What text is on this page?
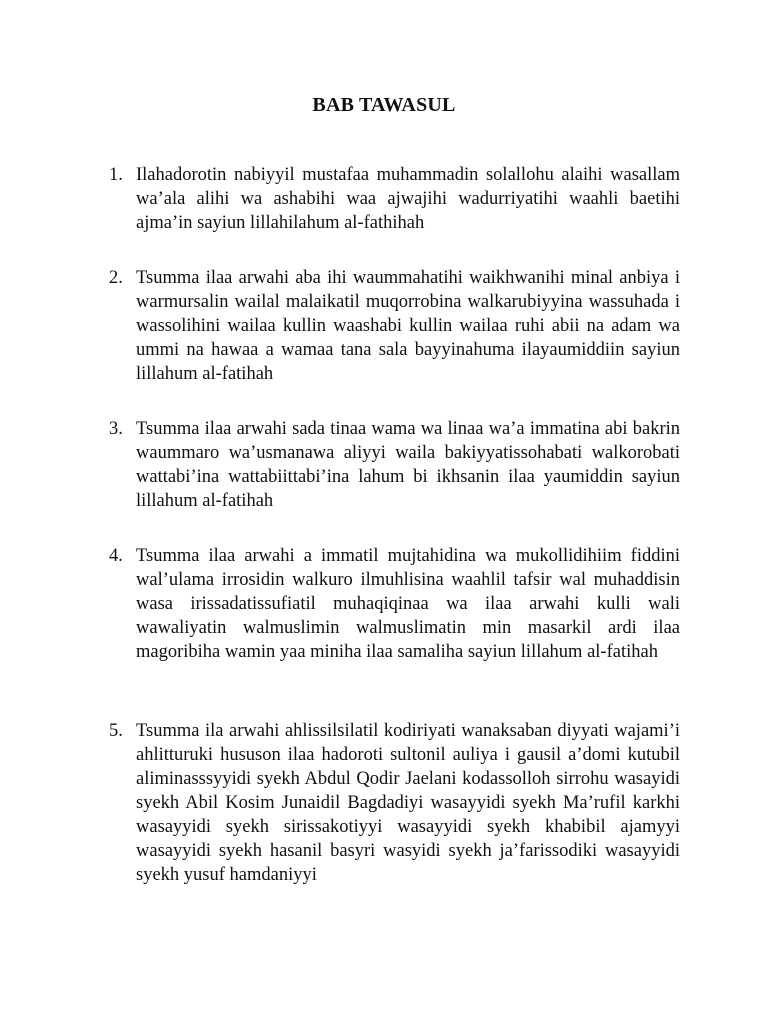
BAB TAWASUL
1. Ilahadorotin nabiyyil mustafaa muhammadin solallohu alaihi wasallam wa’ala alihi wa ashabihi waa ajwajihi wadurriyatihi waahli baetihi ajma’in sayiun lillahilahum al-fathihah
2. Tsumma ilaa arwahi aba ihi waummahatihi waikhwanihi minal anbiya i warmursalin wailal malaikatil muqorrobina walkarubiyyina wassuhada i wassolihini wailaa kullin waashabi kullin wailaa ruhi abii na adam wa ummi na hawaa a wamaa tana sala bayyinahuma ilayaumiddiin sayiun lillahum al-fatihah
3. Tsumma ilaa arwahi sada tinaa wama wa linaa wa’a immatina abi bakrin waummaro wa’usmanawa aliyyi waila bakiyyatissohabati walkorobati wattabi’ina wattabiittabi’ina lahum bi ikhsanin ilaa yaumiddin sayiun lillahum al-fatihah
4. Tsumma ilaa arwahi a immatil mujtahidina wa mukollidihiim fiddini wal’ulama irrosidin walkuro ilmuhlisina waahlil tafsir wal muhaddisin wasa irissadatissufiatil muhaqiqinaa wa ilaa arwahi kulli wali wawaliyatin walmuslimin walmuslimatin min masarkil ardi ilaa magoribiha wamin yaa miniha ilaa samaliha sayiun lillahum al-fatihah
5. Tsumma ila arwahi ahlissilsilatil kodiriyati wanaksaban diyyati wajami’i ahlitturuki hususon ilaa hadoroti sultonil auliya i gausil a’domi kutubil aliminasssyyidi syekh Abdul Qodir Jaelani kodassolloh sirrohu wasayidi syekh Abil Kosim Junaidil Bagdadiyi wasayyidi syekh Ma’rufil karkhi wasayyidi syekh sirissakotiyyi wasayyidi syekh khabibil ajamyyi wasayyidi syekh hasanil basyri wasyidi syekh ja’farissodiki wasayyidi syekh yusuf hamdaniyyi
